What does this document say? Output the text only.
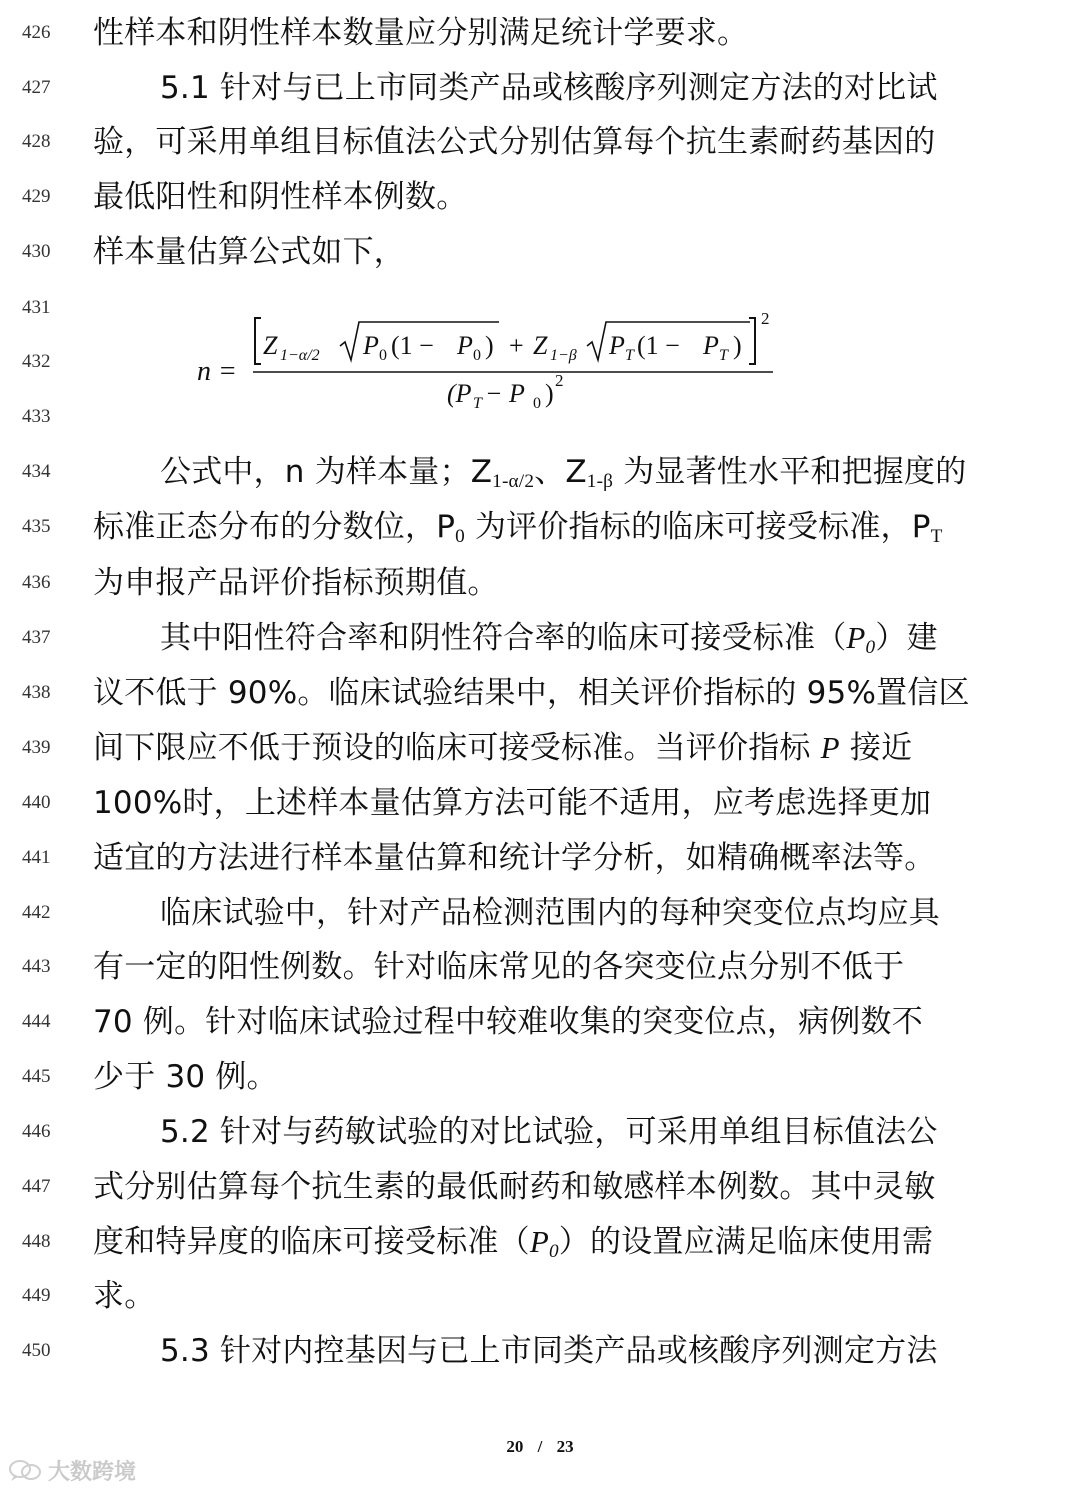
426	性样本和阴性样本数量应分别满足统计学要求。
427	5.1 针对与已上市同类产品或核酸序列测定方法的对比试
428	验，可采用单组目标值法公式分别估算每个抗生素耐药基因的
429	最低阳性和阴性样本例数。
430	样本量估算公式如下，
431
432
433
n =
Z 1−α/2 P 0 (1 − P 0 ) + Z 1−β P T (1 − P T )
2
(P T − P 0 ) 2
434	公式中，n 为样本量；$Z_{1-\alpha/2}$、$Z_{1-\beta}$ 为显著性水平和把握度的
435	标准正态分布的分数位，$P_0$ 为评价指标的临床可接受标准，$P_T$
436	为申报产品评价指标预期值。
437	其中阳性符合率和阴性符合率的临床可接受标准$(P_0)$建
438	议不低于 90%。临床试验结果中，相关评价指标的 95%置信区
439	间下限应不低于预设的临床可接受标准。当评价指标 P 接近
440	100%时，上述样本量估算方法可能不适用，应考虑选择更加
441	适宜的方法进行样本量估算和统计学分析，如精确概率法等。
442	临床试验中，针对产品检测范围内的每种突变位点均应具
443	有一定的阳性例数。针对临床常见的各突变位点分别不低于
444	70 例。针对临床试验过程中较难收集的突变位点，病例数不
445	少于 30 例。
446	5.2 针对与药敏试验的对比试验，可采用单组目标值法公
447	式分别估算每个抗生素的最低耐药和敏感样本例数。其中灵敏
448	度和特异度的临床可接受标准$(P_0)$的设置应满足临床使用需
449	求。
450	5.3 针对内控基因与已上市同类产品或核酸序列测定方法
20 / 23
大数跨境
